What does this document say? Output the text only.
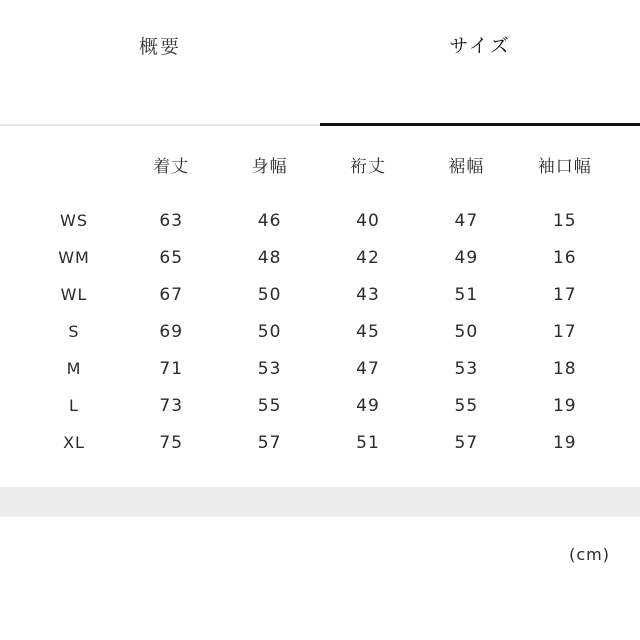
概要	サイズ
	着丈	身幅	裄丈	裾幅	袖口幅
WS	63	46	40	47	15
WM	65	48	42	49	16
WL	67	50	43	51	17
S	69	50	45	50	17
M	71	53	47	53	18
L	73	55	49	55	19
XL	75	57	51	57	19
(cm)
